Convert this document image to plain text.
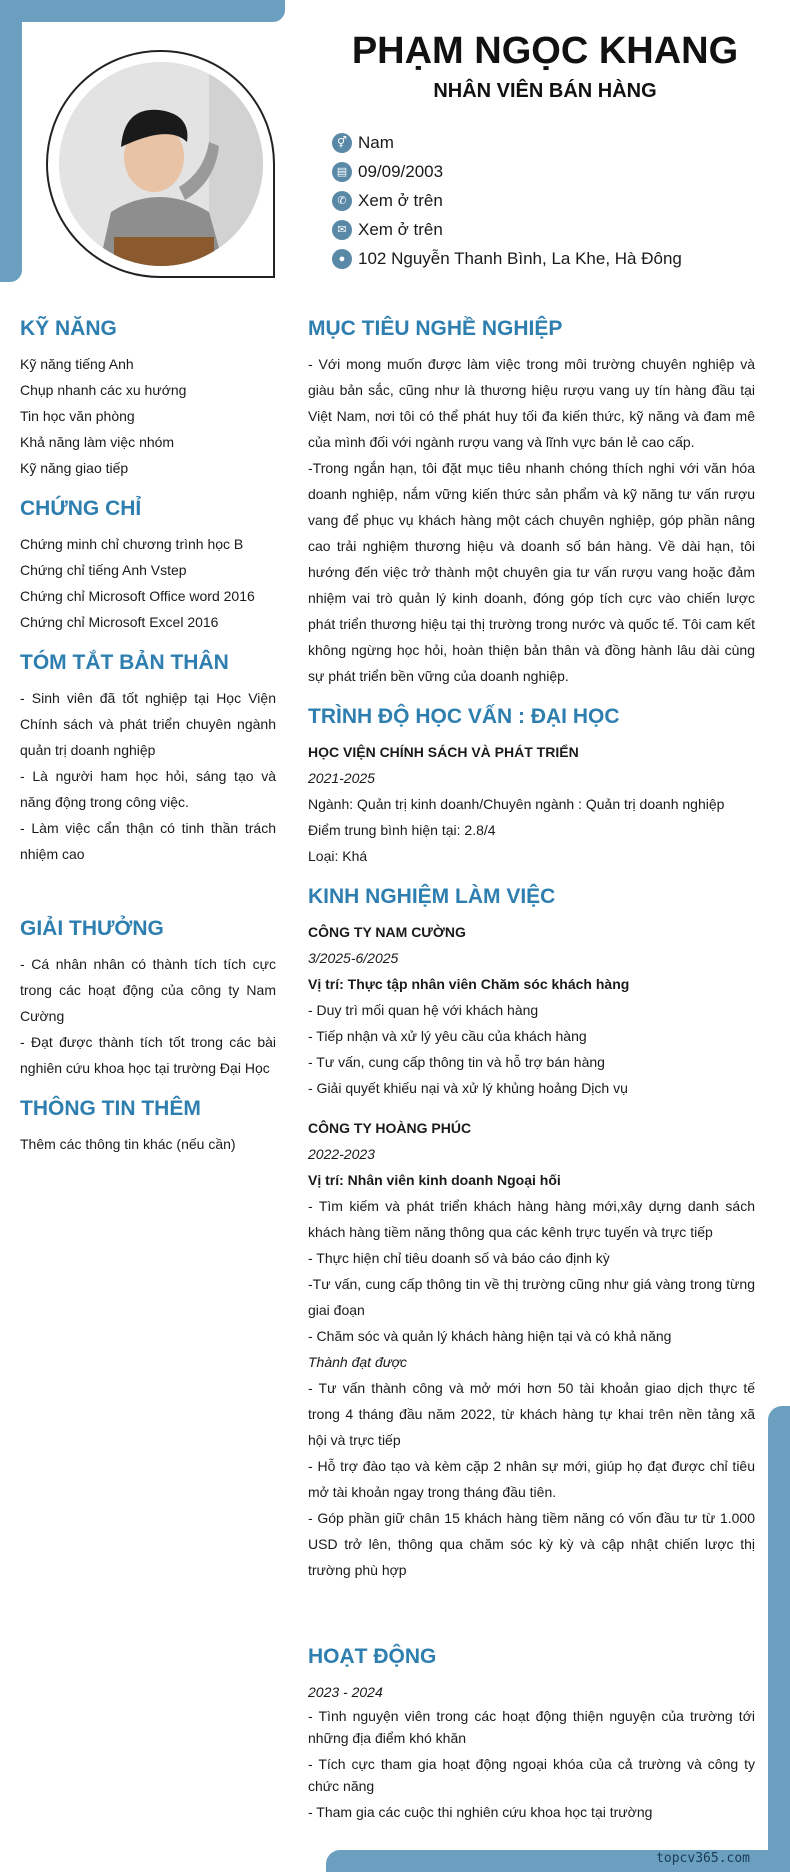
PHẠM NGỌC KHANG
NHÂN VIÊN BÁN HÀNG
⚥ Nam
▤ 09/09/2003
✆ Xem ở trên
✉ Xem ở trên
● 102 Nguyễn Thanh Bình, La Khe, Hà Đông
KỸ NĂNG
Kỹ năng tiếng Anh
Chụp nhanh các xu hướng
Tin học văn phòng
Khả năng làm việc nhóm
Kỹ năng giao tiếp
CHỨNG CHỈ
Chứng minh chỉ chương trình học B
Chứng chỉ tiếng Anh Vstep
Chứng chỉ Microsoft Office word 2016
Chứng chỉ Microsoft Excel 2016
TÓM TẮT BẢN THÂN
- Sinh viên đã tốt nghiệp tại Học Viện Chính sách và phát triển chuyên ngành quản trị doanh nghiệp
- Là người ham học hỏi, sáng tạo và năng động trong công việc.
- Làm việc cẩn thận có tinh thần trách nhiệm cao
GIẢI THƯỞNG
- Cá nhân nhân có thành tích tích cực trong các hoạt động của công ty Nam Cường
- Đạt được thành tích tốt trong các bài nghiên cứu khoa học tại trường Đại Học
THÔNG TIN THÊM
Thêm các thông tin khác (nếu cần)
MỤC TIÊU NGHỀ NGHIỆP
- Với mong muốn được làm việc trong môi trường chuyên nghiệp và giàu bản sắc, cũng như là thương hiệu rượu vang uy tín hàng đầu tại Việt Nam, nơi tôi có thể phát huy tối đa kiến thức, kỹ năng và đam mê của mình đối với ngành rượu vang và lĩnh vực bán lẻ cao cấp.
-Trong ngắn hạn, tôi đặt mục tiêu nhanh chóng thích nghi với văn hóa doanh nghiệp, nắm vững kiến thức sản phẩm và kỹ năng tư vấn rượu vang để phục vụ khách hàng một cách chuyên nghiệp, góp phần nâng cao trải nghiệm thương hiệu và doanh số bán hàng. Về dài hạn, tôi hướng đến việc trở thành một chuyên gia tư vấn rượu vang hoặc đảm nhiệm vai trò quản lý kinh doanh, đóng góp tích cực vào chiến lược phát triển thương hiệu tại thị trường trong nước và quốc tế. Tôi cam kết không ngừng học hỏi, hoàn thiện bản thân và đồng hành lâu dài cùng sự phát triển bền vững của doanh nghiệp.
TRÌNH ĐỘ HỌC VẤN : ĐẠI HỌC
HỌC VIỆN CHÍNH SÁCH VÀ PHÁT TRIỂN
2021-2025
Ngành: Quản trị kinh doanh/Chuyên ngành : Quản trị doanh nghiệp
Điểm trung bình hiện tại: 2.8/4
Loại: Khá
KINH NGHIỆM LÀM VIỆC
CÔNG TY NAM CƯỜNG
3/2025-6/2025
Vị trí: Thực tập nhân viên Chăm sóc khách hàng
- Duy trì mối quan hệ với khách hàng
- Tiếp nhận và xử lý yêu cầu của khách hàng
- Tư vấn, cung cấp thông tin và hỗ trợ bán hàng
- Giải quyết khiếu nại và xử lý khủng hoảng Dịch vụ
CÔNG TY HOÀNG PHÚC
2022-2023
Vị trí: Nhân viên kinh doanh Ngoại hối
- Tìm kiếm và phát triển khách hàng hàng mới,xây dựng danh sách khách hàng tiềm năng thông qua các kênh trực tuyến và trực tiếp
- Thực hiện chỉ tiêu doanh số và báo cáo định kỳ
-Tư vấn, cung cấp thông tin về thị trường cũng như giá vàng trong từng giai đoạn
- Chăm sóc và quản lý khách hàng hiện tại và có khả năng
Thành đạt được
- Tư vấn thành công và mở mới hơn 50 tài khoản giao dịch thực tế trong 4 tháng đầu năm 2022, từ khách hàng tự khai trên nền tảng xã hội và trực tiếp
- Hỗ trợ đào tạo và kèm cặp 2 nhân sự mới, giúp họ đạt được chỉ tiêu mở tài khoản ngay trong tháng đầu tiên.
- Góp phần giữ chân 15 khách hàng tiềm năng có vốn đầu tư từ 1.000 USD trở lên, thông qua chăm sóc kỳ kỳ và cập nhật chiến lược thị trường phù hợp
HOẠT ĐỘNG
2023 - 2024
- Tình nguyện viên trong các hoạt động thiện nguyện của trường tới những địa điểm khó khăn
- Tích cực tham gia hoạt động ngoại khóa của cả trường và công ty chức năng
- Tham gia các cuộc thi nghiên cứu khoa học tại trường
topcv365.com
